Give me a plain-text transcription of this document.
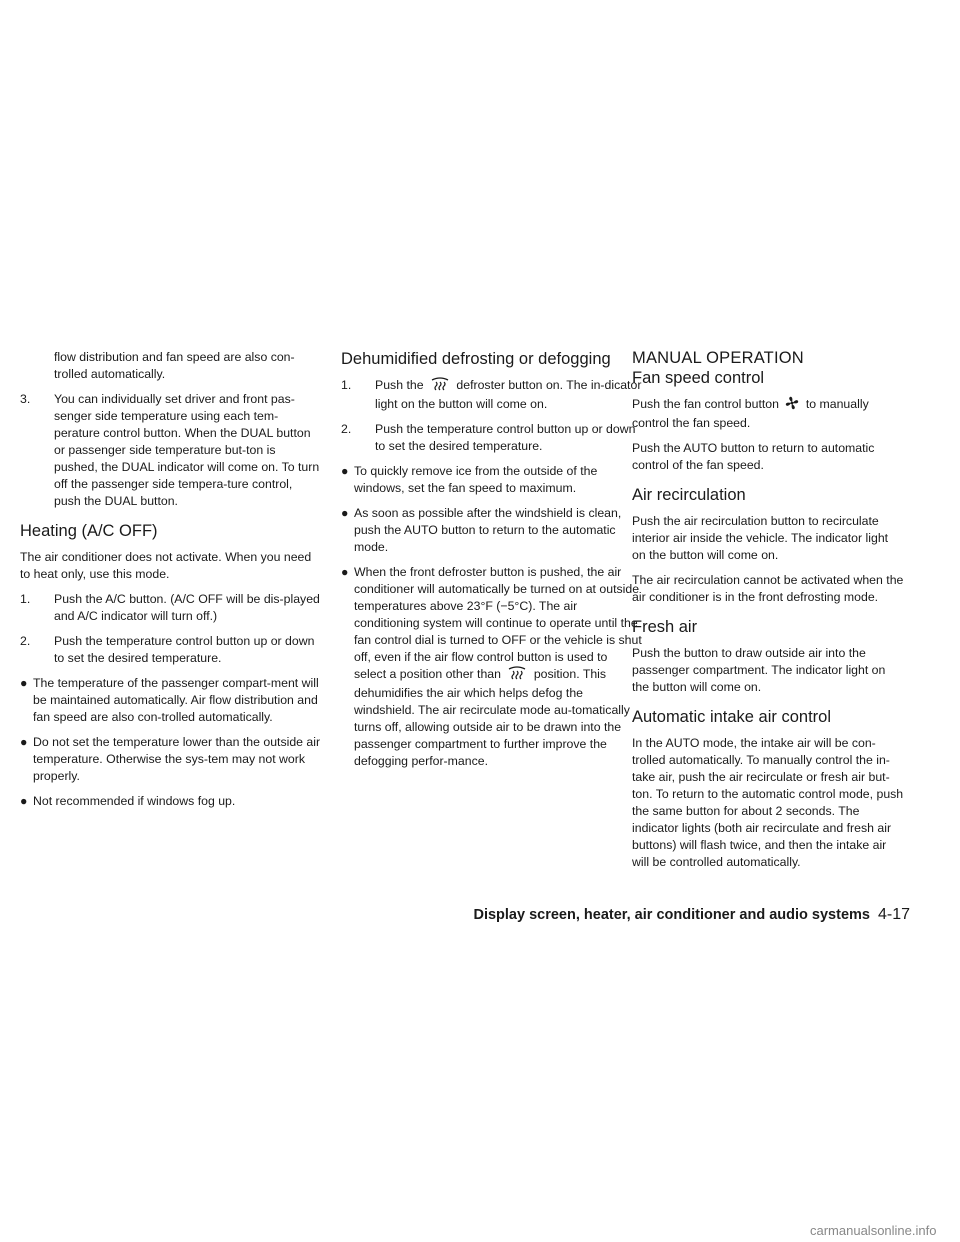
flow distribution and fan speed are also con-trolled automatically.

3.	You can individually set driver and front pas-senger side temperature using each tem-perature control button. When the DUAL button or passenger side temperature but-ton is pushed, the DUAL indicator will come on. To turn off the passenger side tempera-ture control, push the DUAL button.
Heating (A/C OFF)

The air conditioner does not activate. When you need to heat only, use this mode.

1.	Push the A/C button. (A/C OFF will be dis-played and A/C indicator will turn off.)
2.	Push the temperature control button up or down to set the desired temperature.
● The temperature of the passenger compart-ment will be maintained automatically. Air flow distribution and fan speed are also con-trolled automatically.
● Do not set the temperature lower than the outside air temperature. Otherwise the sys-tem may not work properly.
● Not recommended if windows fog up.
Dehumidified defrosting or defogging
1.	Push the	defroster button on. The in-dicator light on the button will come on.
2.	Push the temperature control button up or down to set the desired temperature.
● To quickly remove ice from the outside of the windows, set the fan speed to maximum.
● As soon as possible after the windshield is clean, push the AUTO button to return to the automatic mode.
● When the front defroster button is pushed, the air conditioner will automatically be turned on at outside temperatures above 23°F (−5°C). The air conditioning system will continue to operate until the fan control dial is turned to OFF or the vehicle is shut off, even if the air flow control button is used to select a position other than	position. This dehumidifies the air which helps defog the windshield. The air recirculate mode au-tomatically turns off, allowing outside air to be drawn into the passenger compartment to further improve the defogging perfor-mance.
MANUAL OPERATION
Fan speed control

Push the fan control button to manually control the fan speed.

Push the AUTO button to return to automatic control of the fan speed.

Air recirculation

Push the air recirculation button to recirculate interior air inside the vehicle. The indicator light on the button will come on.

The air recirculation cannot be activated when the air conditioner is in the front defrosting mode.

Fresh air

Push the button to draw outside air into the passenger compartment. The indicator light on the button will come on.

Automatic intake air control

In the AUTO mode, the intake air will be con-trolled automatically. To manually control the in-take air, push the air recirculate or fresh air but-ton. To return to the automatic control mode, push the same button for about 2 seconds. The indicator lights (both air recirculate and fresh air buttons) will flash twice, and then the intake air will be controlled automatically.

Display screen, heater, air conditioner and audio systems 4-17
carmanualsonline.info
